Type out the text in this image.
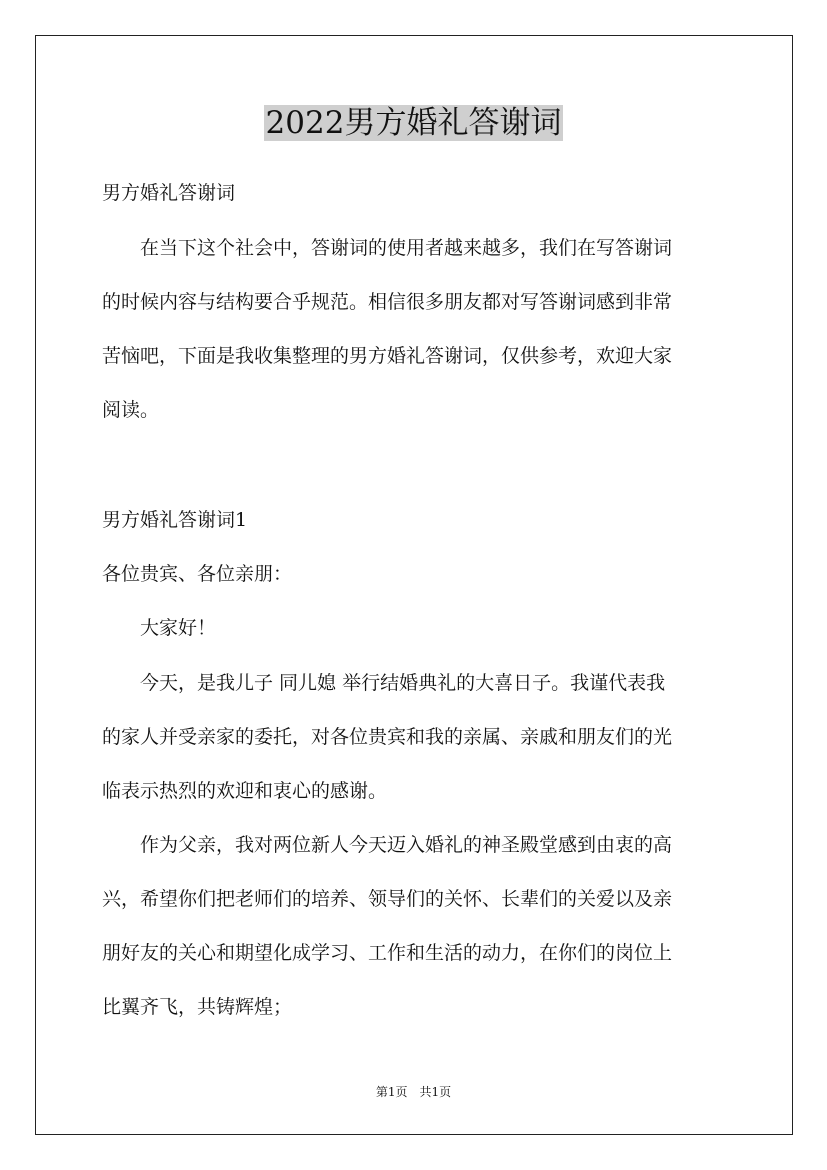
2022男方婚礼答谢词
男方婚礼答谢词
　　在当下这个社会中，答谢词的使用者越来越多，我们在写答谢词
的时候内容与结构要合乎规范。相信很多朋友都对写答谢词感到非常
苦恼吧，下面是我收集整理的男方婚礼答谢词，仅供参考，欢迎大家
阅读。
男方婚礼答谢词1
各位贵宾、各位亲朋：
　　大家好！
　　今天，是我儿子 同儿媳 举行结婚典礼的大喜日子。我谨代表我
的家人并受亲家的委托，对各位贵宾和我的亲属、亲戚和朋友们的光
临表示热烈的欢迎和衷心的感谢。
　　作为父亲，我对两位新人今天迈入婚礼的神圣殿堂感到由衷的高
兴，希望你们把老师们的培养、领导们的关怀、长辈们的关爱以及亲
朋好友的关心和期望化成学习、工作和生活的动力，在你们的岗位上
比翼齐飞，共铸辉煌；
第1页　共1页
